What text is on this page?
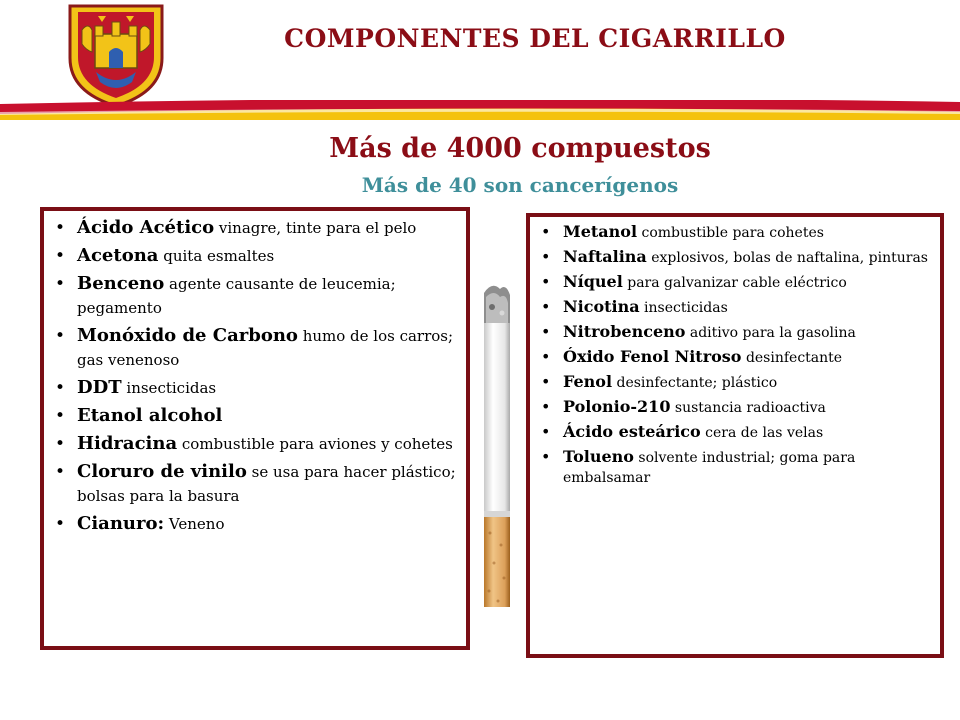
COMPONENTES DEL CIGARRILLO
Más de 4000 compuestos
Más de 40 son cancerígenos
• Ácido Acético vinagre, tinte para el pelo
• Acetona quita esmaltes
• Benceno agente causante de leucemia; pegamento
• Monóxido de Carbono humo de los carros; gas venenoso
• DDT insecticidas
• Etanol alcohol
• Hidracina combustible para aviones y cohetes
• Cloruro de vinilo se usa para hacer plástico; bolsas para la basura
• Cianuro: Veneno
• Metanol combustible para cohetes
• Naftalina explosivos, bolas de naftalina, pinturas
• Níquel para galvanizar cable eléctrico
• Nicotina insecticidas
• Nitrobenceno aditivo para la gasolina
• Óxido Fenol Nitroso desinfectante
• Fenol desinfectante; plástico
• Polonio-210 sustancia radioactiva
• Ácido esteárico cera de las velas
• Tolueno solvente industrial; goma para embalsamar
